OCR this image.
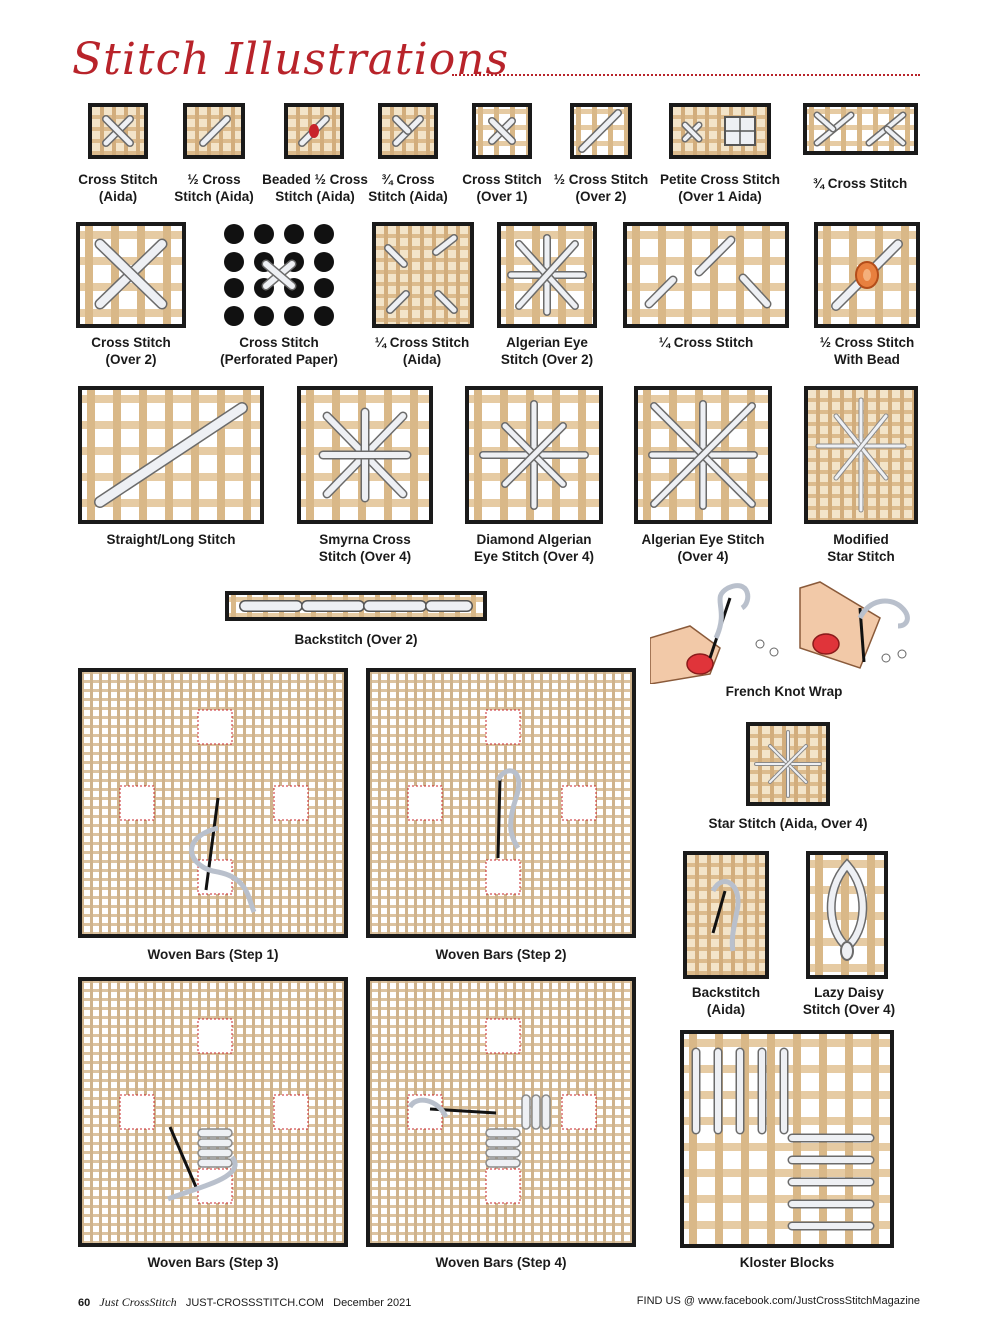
Stitch Illustrations
Cross Stitch
(Aida)
½ Cross
Stitch (Aida)
Beaded ½ Cross
Stitch (Aida)
¾ Cross
Stitch (Aida)
Cross Stitch
(Over 1)
½ Cross Stitch
(Over 2)
Petite Cross Stitch
(Over 1 Aida)
¾ Cross Stitch
Cross Stitch
(Over 2)
Cross Stitch
(Perforated Paper)
¼ Cross Stitch
(Aida)
Algerian Eye
Stitch (Over 2)
¼ Cross Stitch	½ Cross Stitch
With Bead
Straight/Long Stitch	Smyrna Cross
Stitch (Over 4)
Diamond Algerian
Eye Stitch (Over 4)
Algerian Eye Stitch
(Over 4)
Modified
Star Stitch
Backstitch (Over 2)
French Knot Wrap
Star Stitch (Aida, Over 4)
Backstitch
(Aida)
Lazy Daisy
Stitch (Over 4)
Kloster Blocks
Woven Bars (Step 1)	Woven Bars (Step 2)
Woven Bars (Step 3)	Woven Bars (Step 4)
60 Just CrossStitch JUST-CROSSSTITCH.COM December 2021	FIND US @ www.facebook.com/JustCrossStitchMagazine
